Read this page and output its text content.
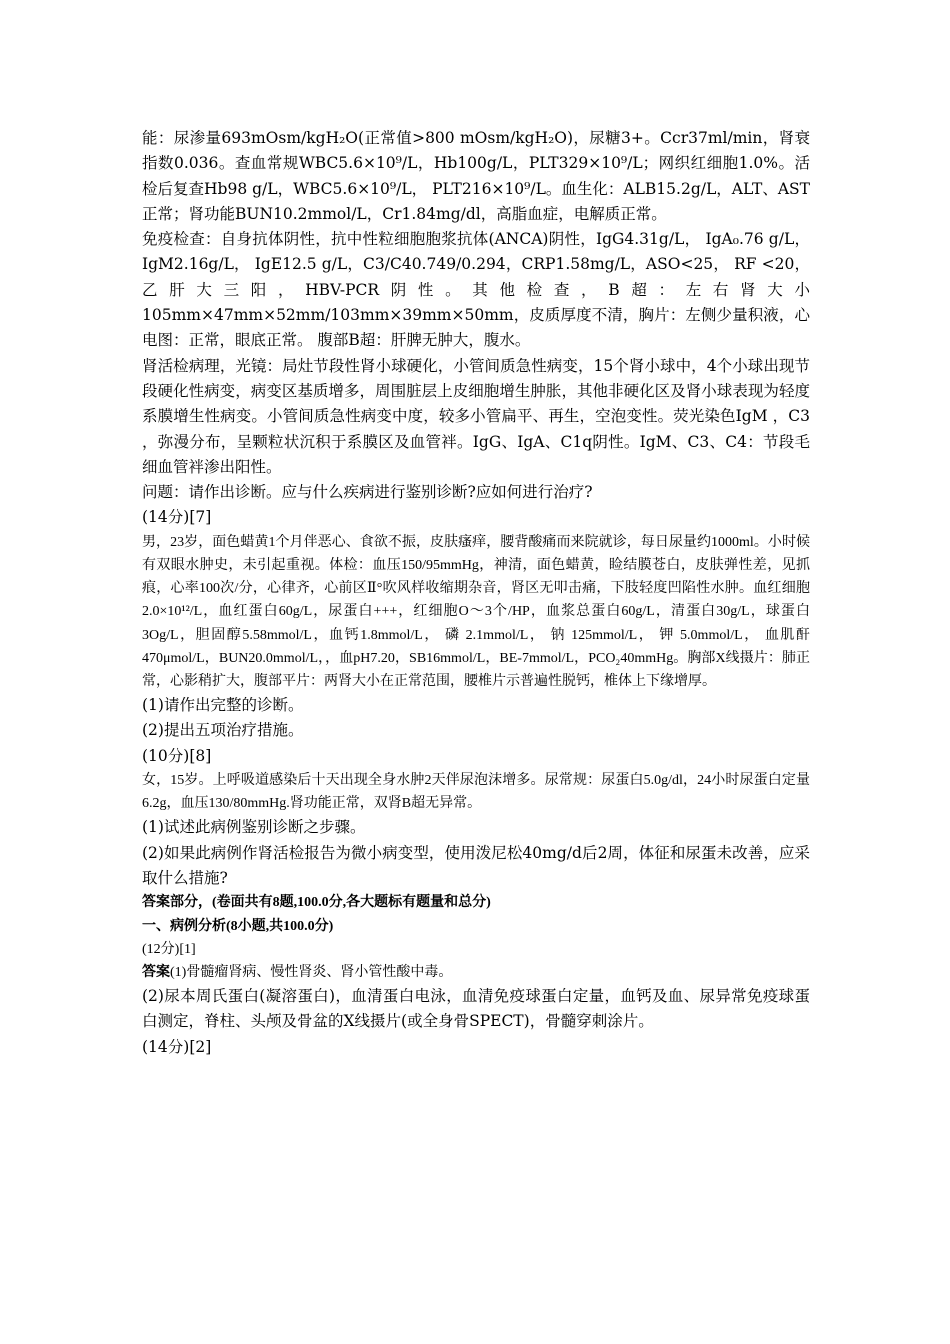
能：尿渗量693mOsm/kgH₂O(正常值>800 mOsm/kgH₂O)，尿糖3+。Ccr37ml/min，肾衰指数0.036。查血常规WBC5.6×10⁹/L，Hb100g/L，PLT329×10⁹/L；网织红细胞1.0%。活检后复查Hb98 g/L，WBC5.6×10⁹/L， PLT216×10⁹/L。血生化：ALB15.2g/L，ALT、AST正常；肾功能BUN10.2mmol/L，Cr1.84mg/dl，高脂血症，电解质正常。

免疫检查：自身抗体阴性，抗中性粒细胞胞浆抗体(ANCA)阴性，IgG4.31g/L， IgA₀.76 g/L， IgM2.16g/L， IgE12.5 g/L，C3/C40.749/0.294，CRP1.58mg/L，ASO<25， RF <20，乙肝大三阳，HBV-PCR阴性。其他检查，B超：左右肾大小105mm×47mm×52mm/103mm×39mm×50mm，皮质厚度不清，胸片：左侧少量积液，心电图：正常，眼底正常。 腹部B超：肝脾无肿大，腹水。

肾活检病理，光镜：局灶节段性肾小球硬化，小管间质急性病变，15个肾小球中，4个小球出现节段硬化性病变，病变区基质增多，周围脏层上皮细胞增生肿胀，其他非硬化区及肾小球表现为轻度系膜增生性病变。小管间质急性病变中度，较多小管扁平、再生，空泡变性。荧光染色IgM ，C3 ，弥漫分布，呈颗粒状沉积于系膜区及血管袢。IgG、IgA、C1q阴性。IgM、C3、C4：节段毛细血管袢渗出阳性。

问题：请作出诊断。应与什么疾病进行鉴别诊断?应如何进行治疗?

(14分)[7]

男，23岁，面色蜡黄1个月伴恶心、食欲不振，皮肤瘙痒，腰背酸痛而来院就诊，每日尿量约1000ml。小时候有双眼水肿史，未引起重视。体检：血压150/95mmHg，神清，面色蜡黄，睑结膜苍白，皮肤弹性差，见抓痕，心率100次/分，心律齐，心前区Ⅱ°吹风样收缩期杂音，肾区无叩击痛，下肢轻度凹陷性水肿。血红细胞2.0×10¹²/L，血红蛋白60g/L，尿蛋白+++，红细胞O～3个/HP，血浆总蛋白60g/L，清蛋白30g/L，球蛋白3Og/L，胆固醇5.58mmol/L，血钙1.8mmol/L， 磷 2.1mmol/L， 钠 125mmol/L， 钾 5.0mmol/L， 血肌酐470μmol/L，BUN20.0mmol/L，，血pH7.20，SB16mmol/L，BE-7mmol/L，PCO₂40mmHg。胸部X线摄片：肺正常，心影稍扩大，腹部平片：两肾大小在正常范围，腰椎片示普遍性脱钙，椎体上下缘增厚。

(1)请作出完整的诊断。

(2)提出五项治疗措施。

(10分)[8]

女，15岁。上呼吸道感染后十天出现全身水肿2天伴尿泡沫增多。尿常规：尿蛋白5.0g/dl，24小时尿蛋白定量6.2g，血压130/80mmHg.肾功能正常，双肾B超无异常。

(1)试述此病例鉴别诊断之步骤。

(2)如果此病例作肾活检报告为微小病变型，使用泼尼松40mg/d后2周，体征和尿蛋未改善，应采取什么措施?

答案部分，(卷面共有8题,100.0分,各大题标有题量和总分)

一、病例分析(8小题,共100.0分)

(12分)[1]

答案(1)骨髓瘤肾病、慢性肾炎、肾小管性酸中毒。

(2)尿本周氏蛋白(凝溶蛋白)，血清蛋白电泳，血清免疫球蛋白定量，血钙及血、尿异常免疫球蛋白测定，脊柱、头颅及骨盆的X线摄片(或全身骨SPECT)，骨髓穿刺涂片。

(14分)[2]
